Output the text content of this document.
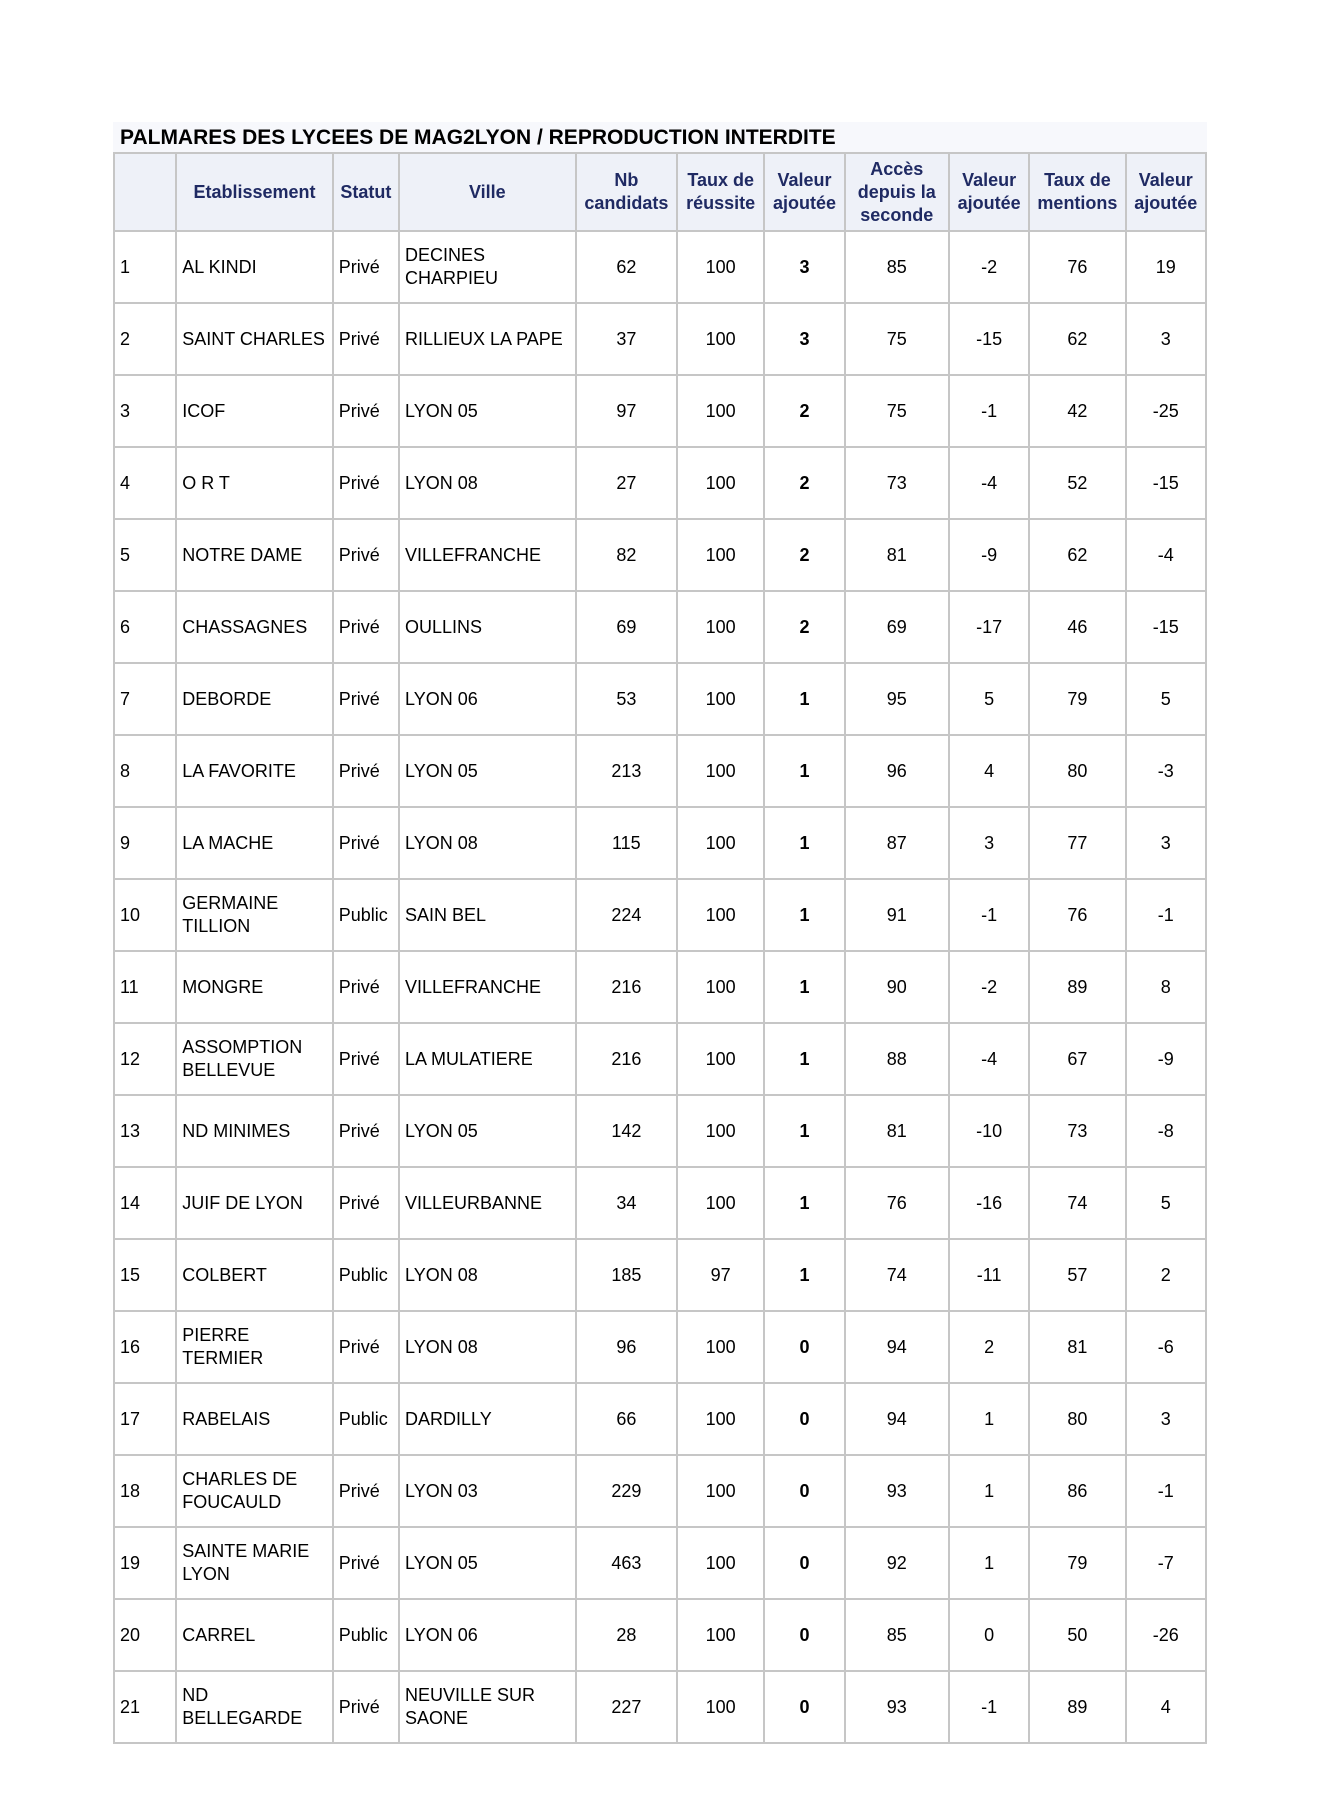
PALMARES DES LYCEES DE MAG2LYON / REPRODUCTION INTERDITE
	Etablissement	Statut	Ville	Nb candidats	Taux de réussite	Valeur ajoutée	Accès depuis la seconde	Valeur ajoutée	Taux de mentions	Valeur ajoutée
1	AL KINDI	Privé	DECINES CHARPIEU	62	100	3	85	-2	76	19
2	SAINT CHARLES	Privé	RILLIEUX LA PAPE	37	100	3	75	-15	62	3
3	ICOF	Privé	LYON 05	97	100	2	75	-1	42	-25
4	O R T	Privé	LYON 08	27	100	2	73	-4	52	-15
5	NOTRE DAME	Privé	VILLEFRANCHE	82	100	2	81	-9	62	-4
6	CHASSAGNES	Privé	OULLINS	69	100	2	69	-17	46	-15
7	DEBORDE	Privé	LYON 06	53	100	1	95	5	79	5
8	LA FAVORITE	Privé	LYON 05	213	100	1	96	4	80	-3
9	LA MACHE	Privé	LYON 08	115	100	1	87	3	77	3
10	GERMAINE TILLION	Public	SAIN BEL	224	100	1	91	-1	76	-1
11	MONGRE	Privé	VILLEFRANCHE	216	100	1	90	-2	89	8
12	ASSOMPTION BELLEVUE	Privé	LA MULATIERE	216	100	1	88	-4	67	-9
13	ND MINIMES	Privé	LYON 05	142	100	1	81	-10	73	-8
14	JUIF DE LYON	Privé	VILLEURBANNE	34	100	1	76	-16	74	5
15	COLBERT	Public	LYON 08	185	97	1	74	-11	57	2
16	PIERRE TERMIER	Privé	LYON 08	96	100	0	94	2	81	-6
17	RABELAIS	Public	DARDILLY	66	100	0	94	1	80	3
18	CHARLES DE FOUCAULD	Privé	LYON 03	229	100	0	93	1	86	-1
19	SAINTE MARIE LYON	Privé	LYON 05	463	100	0	92	1	79	-7
20	CARREL	Public	LYON 06	28	100	0	85	0	50	-26
21	ND BELLEGARDE	Privé	NEUVILLE SUR SAONE	227	100	0	93	-1	89	4
